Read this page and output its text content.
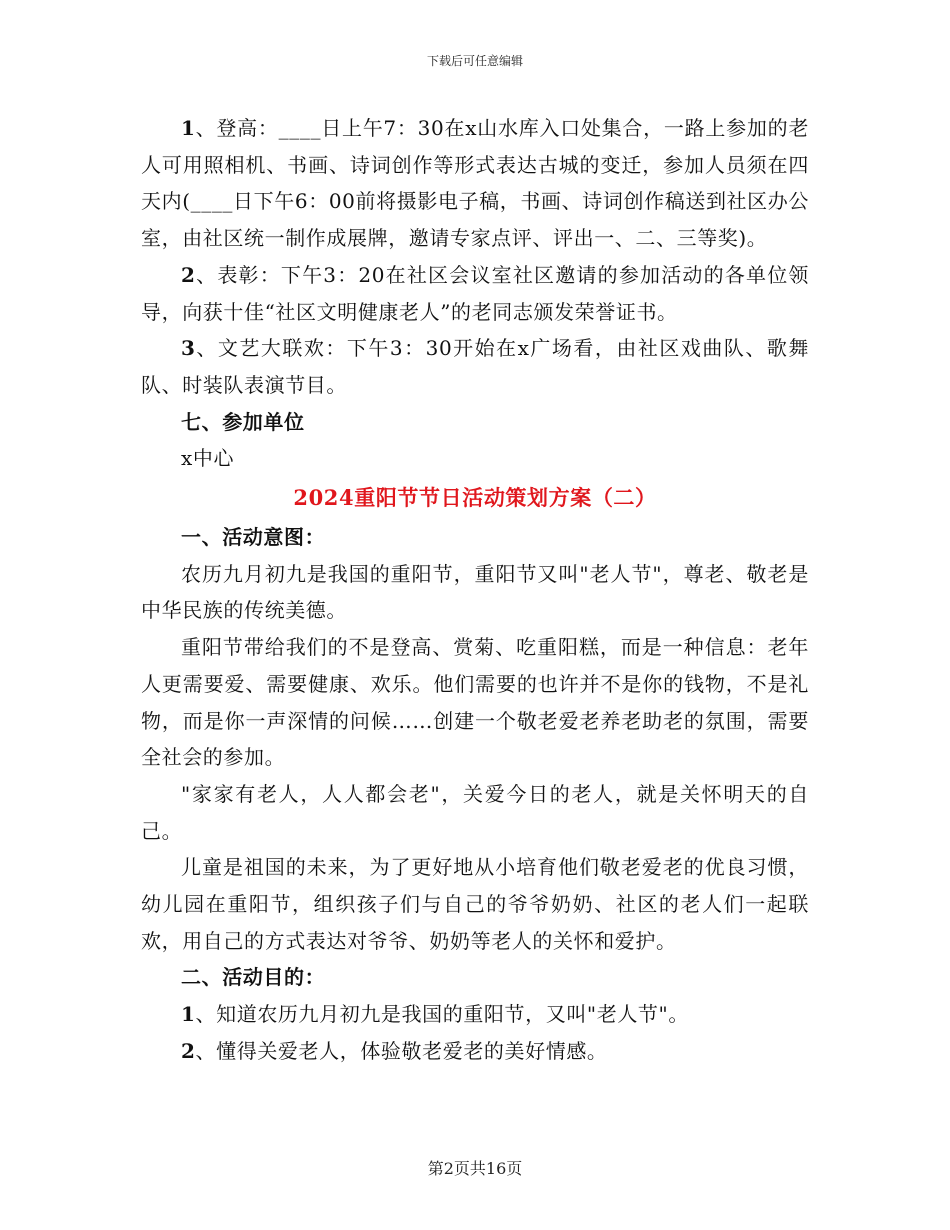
下载后可任意编辑

1、登高：____日上午7：30在x山水库入口处集合，一路上参加的老人可用照相机、书画、诗词创作等形式表达古城的变迁，参加人员须在四天内(____日下午6：00前将摄影电子稿，书画、诗词创作稿送到社区办公室，由社区统一制作成展牌，邀请专家点评、评出一、二、三等奖)。

2、表彰：下午3：20在社区会议室社区邀请的参加活动的各单位领导，向获十佳“社区文明健康老人”的老同志颁发荣誉证书。

3、文艺大联欢：下午3：30开始在x广场看，由社区戏曲队、歌舞队、时装队表演节目。

七、参加单位

x中心

2024重阳节节日活动策划方案（二）

一、活动意图：

农历九月初九是我国的重阳节，重阳节又叫"老人节"，尊老、敬老是中华民族的传统美德。

重阳节带给我们的不是登高、赏菊、吃重阳糕，而是一种信息：老年人更需要爱、需要健康、欢乐。他们需要的也许并不是你的钱物，不是礼物，而是你一声深情的问候……创建一个敬老爱老养老助老的氛围，需要全社会的参加。

"家家有老人，人人都会老"，关爱今日的老人，就是关怀明天的自己。

儿童是祖国的未来，为了更好地从小培育他们敬老爱老的优良习惯，幼儿园在重阳节，组织孩子们与自己的爷爷奶奶、社区的老人们一起联欢，用自己的方式表达对爷爷、奶奶等老人的关怀和爱护。

二、活动目的：

1、知道农历九月初九是我国的重阳节，又叫"老人节"。

2、懂得关爱老人，体验敬老爱老的美好情感。

第2页共16页
